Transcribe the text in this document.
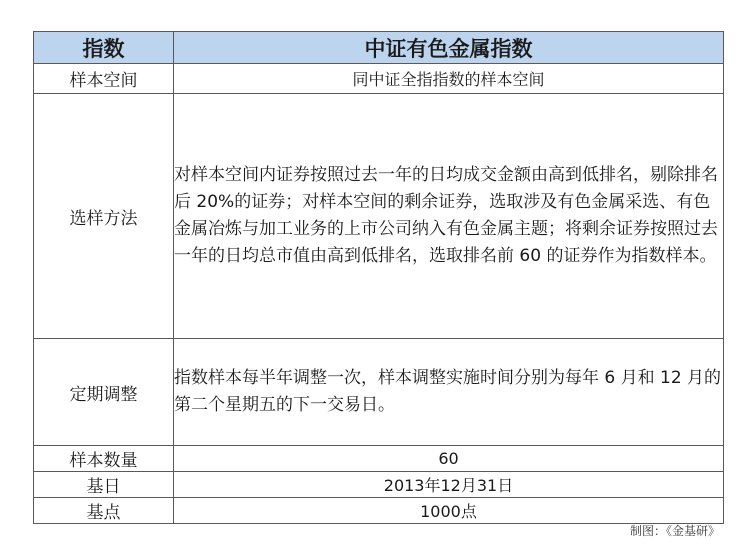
指数	中证有色金属指数
样本空间	同中证全指指数的样本空间
选样方法	对样本空间内证券按照过去一年的日均成交金额由高到低排名，剔除排名后 20%的证券；对样本空间的剩余证券，选取涉及有色金属采选、有色金属冶炼与加工业务的上市公司纳入有色金属主题；将剩余证券按照过去一年的日均总市值由高到低排名，选取排名前 60 的证券作为指数样本。
定期调整	指数样本每半年调整一次，样本调整实施时间分别为每年 6 月和 12 月的第二个星期五的下一交易日。
样本数量	60
基日	2013年12月31日
基点	1000点
制图：《金基研》
